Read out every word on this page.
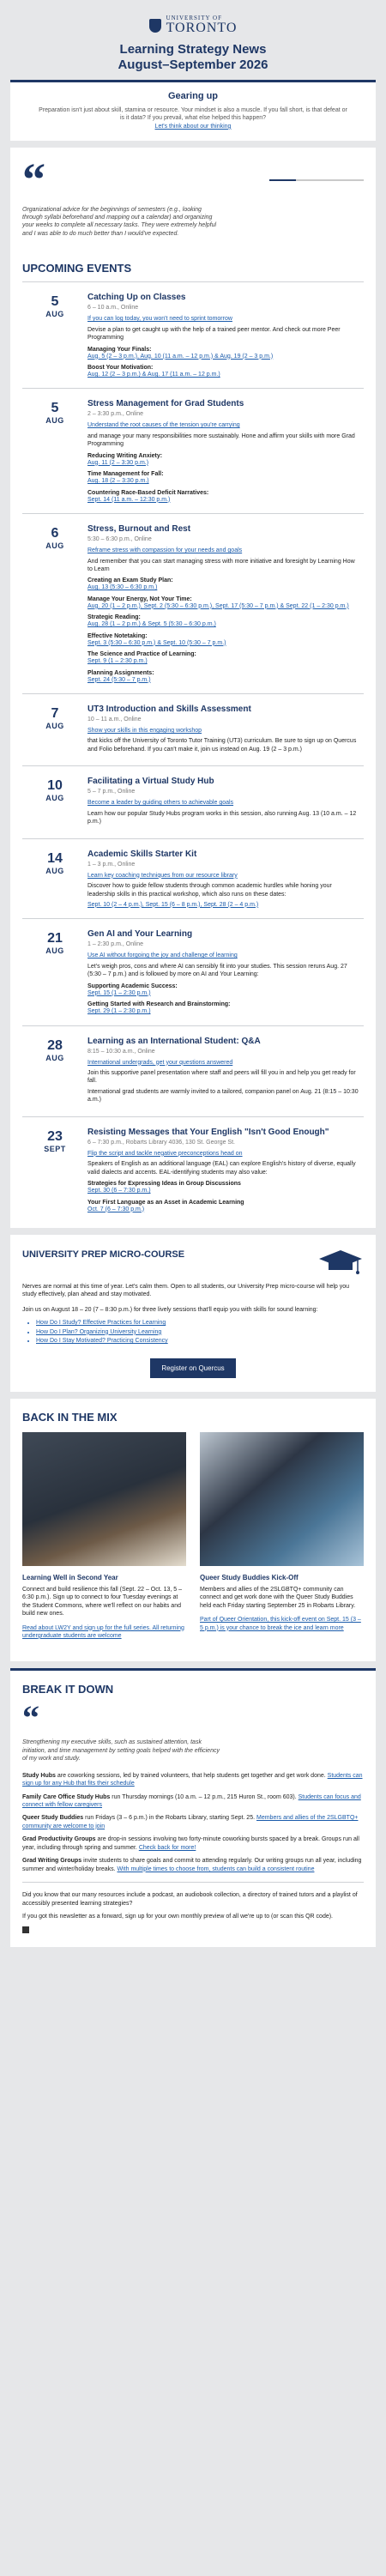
UNIVERSITY OF
TORONTO
Learning Strategy News
August–September 2026
Gearing up

Preparation isn't just about skill, stamina or resource. Your mindset is also a muscle. If you fall short, is that defeat or is it data? If you prevail, what else helped this happen?

Let's think about our thinking

“

Organizational advice for the beginnings of semesters (e.g., looking through syllabi beforehand and mapping out a calendar) and organizing your weeks to complete all necessary tasks. They were extremely helpful and I was able to do much better than I would've expected.

UPCOMING EVENTS
5
AUG
Catching Up on Classes
6 – 10 a.m., Online

If you can log today, you won't need to sprint tomorrow

Devise a plan to get caught up with the help of a trained peer mentor. And check out more Peer Programming

Managing Your Finals:
Aug. 5 (2 – 3 p.m.), Aug. 10 (11 a.m. – 12 p.m.) & Aug. 19 (2 – 3 p.m.)
Boost Your Motivation:
Aug. 12 (2 – 3 p.m.) & Aug. 17 (11 a.m. – 12 p.m.)
5
AUG
Stress Management for Grad Students
2 – 3:30 p.m., Online

Understand the root causes of the tension you're carrying

and manage your many responsibilities more sustainably. Hone and affirm your skills with more Grad Programming

Reducing Writing Anxiety:
Aug. 11 (2 – 3:30 p.m.)
Time Management for Fall:
Aug. 18 (2 – 3:30 p.m.)
Countering Race-Based Deficit Narratives:
Sept. 14 (11 a.m. – 12:30 p.m.)
6
AUG
Stress, Burnout and Rest
5:30 – 6:30 p.m., Online

Reframe stress with compassion for your needs and goals

And remember that you can start managing stress with more initiative and foresight by Learning How to Learn

Creating an Exam Study Plan:
Aug. 13 (5:30 – 6:30 p.m.)
Manage Your Energy, Not Your Time:
Aug. 20 (1 – 2 p.m.), Sept. 2 (5:30 – 6:30 p.m.), Sept. 17 (5:30 – 7 p.m.) & Sept. 22 (1 – 2:30 p.m.)
Strategic Reading:
Aug. 28 (1 – 2 p.m.) & Sept. 5 (5:30 – 6:30 p.m.)
Effective Notetaking:
Sept. 3 (5:30 – 6:30 p.m.) & Sept. 10 (5:30 – 7 p.m.)
The Science and Practice of Learning:
Sept. 9 (1 – 2:30 p.m.)
Planning Assignments:
Sept. 24 (5:30 – 7 p.m.)
7
AUG
UT3 Introduction and Skills Assessment
10 – 11 a.m., Online

Show your skills in this engaging workshop

that kicks off the University of Toronto Tutor Training (UT3) curriculum. Be sure to sign up on Quercus and Folio beforehand. If you can't make it, join us instead on Aug. 19 (2 – 3 p.m.)

10
AUG
Facilitating a Virtual Study Hub
5 – 7 p.m., Online

Become a leader by guiding others to achievable goals

Learn how our popular Study Hubs program works in this session, also running Aug. 13 (10 a.m. – 12 p.m.)

14
AUG
Academic Skills Starter Kit
1 – 3 p.m., Online

Learn key coaching techniques from our resource library

Discover how to guide fellow students through common academic hurdles while honing your leadership skills in this practical workshop, which also runs on these dates:

Sept. 10 (2 – 4 p.m.), Sept. 15 (6 – 8 p.m.), Sept. 28 (2 – 4 p.m.)
21
AUG
Gen AI and Your Learning
1 – 2:30 p.m., Online

Use AI without forgoing the joy and challenge of learning

Let's weigh pros, cons and where AI can sensibly fit into your studies. This session reruns Aug. 27 (5:30 – 7 p.m.) and is followed by more on AI and Your Learning:

Supporting Academic Success:
Sept. 15 (1 – 2:30 p.m.)
Getting Started with Research and Brainstorming:
Sept. 29 (1 – 2:30 p.m.)
28
AUG
Learning as an International Student: Q&A
8:15 – 10:30 a.m., Online

International undergrads, get your questions answered

Join this supportive panel presentation where staff and peers will fill you in and help you get ready for fall.

International grad students are warmly invited to a tailored, companion panel on Aug. 21 (8:15 – 10:30 a.m.)

23
SEPT
Resisting Messages that Your English "Isn't Good Enough"
6 – 7:30 p.m., Robarts Library 4036, 130 St. George St.

Flip the script and tackle negative preconceptions head on

Speakers of English as an additional language (EAL) can explore English's history of diverse, equally valid dialects and accents. EAL-identifying students may also value:

Strategies for Expressing Ideas in Group Discussions
Sept. 30 (6 – 7:30 p.m.)
Your First Language as an Asset in Academic Learning
Oct. 7 (6 – 7:30 p.m.)
UNIVERSITY PREP MICRO-COURSE

Nerves are normal at this time of year. Let's calm them. Open to all students, our University Prep micro-course will help you study effectively, plan ahead and stay motivated.

Join us on August 18 – 20 (7 – 8:30 p.m.) for three lively sessions that'll equip you with skills for sound learning:

• How Do I Study? Effective Practices for Learning
• How Do I Plan? Organizing University Learning
• How Do I Stay Motivated? Practicing Consistency
Register on Quercus
BACK IN THE MIX
Learning Well in Second Year

Connect and build resilience this fall (Sept. 22 – Oct. 13, 5 – 6:30 p.m.). Sign up to connect to four Tuesday evenings at the Student Commons, where we'll reflect on our habits and build new ones.

Read about LW2Y and sign up for the full series. All returning undergraduate students are welcome

Queer Study Buddies Kick-Off

Members and allies of the 2SLGBTQ+ community can connect and get work done with the Queer Study Buddies held each Friday starting September 25 in Robarts Library.

Part of Queer Orientation, this kick-off event on Sept. 15 (3 – 5 p.m.) is your chance to break the ice and learn more

BREAK IT DOWN
“

Strengthening my executive skills, such as sustained attention, task initiation, and time management by setting goals helped with the efficiency of my work and study.

Study Hubs are coworking sessions, led by trained volunteers, that help students get together and get work done. Students can sign up for any Hub that fits their schedule

Family Care Office Study Hubs run Thursday mornings (10 a.m. – 12 p.m., 215 Huron St., room 603). Students can focus and connect with fellow caregivers

Queer Study Buddies run Fridays (3 – 6 p.m.) in the Robarts Library, starting Sept. 25. Members and allies of the 2SLGBTQ+ community are welcome to join

Grad Productivity Groups are drop-in sessions involving two forty-minute coworking bursts spaced by a break. Groups run all year, including through spring and summer. Check back for more!

Grad Writing Groups invite students to share goals and commit to attending regularly. Our writing groups run all year, including summer and winter/holiday breaks. With multiple times to choose from, students can build a consistent routine

Did you know that our many resources include a podcast, an audiobook collection, a directory of trained tutors and a playlist of accessibly presented learning strategies?

If you got this newsletter as a forward, sign up for your own monthly preview of all we're up to (or scan this QR code).
